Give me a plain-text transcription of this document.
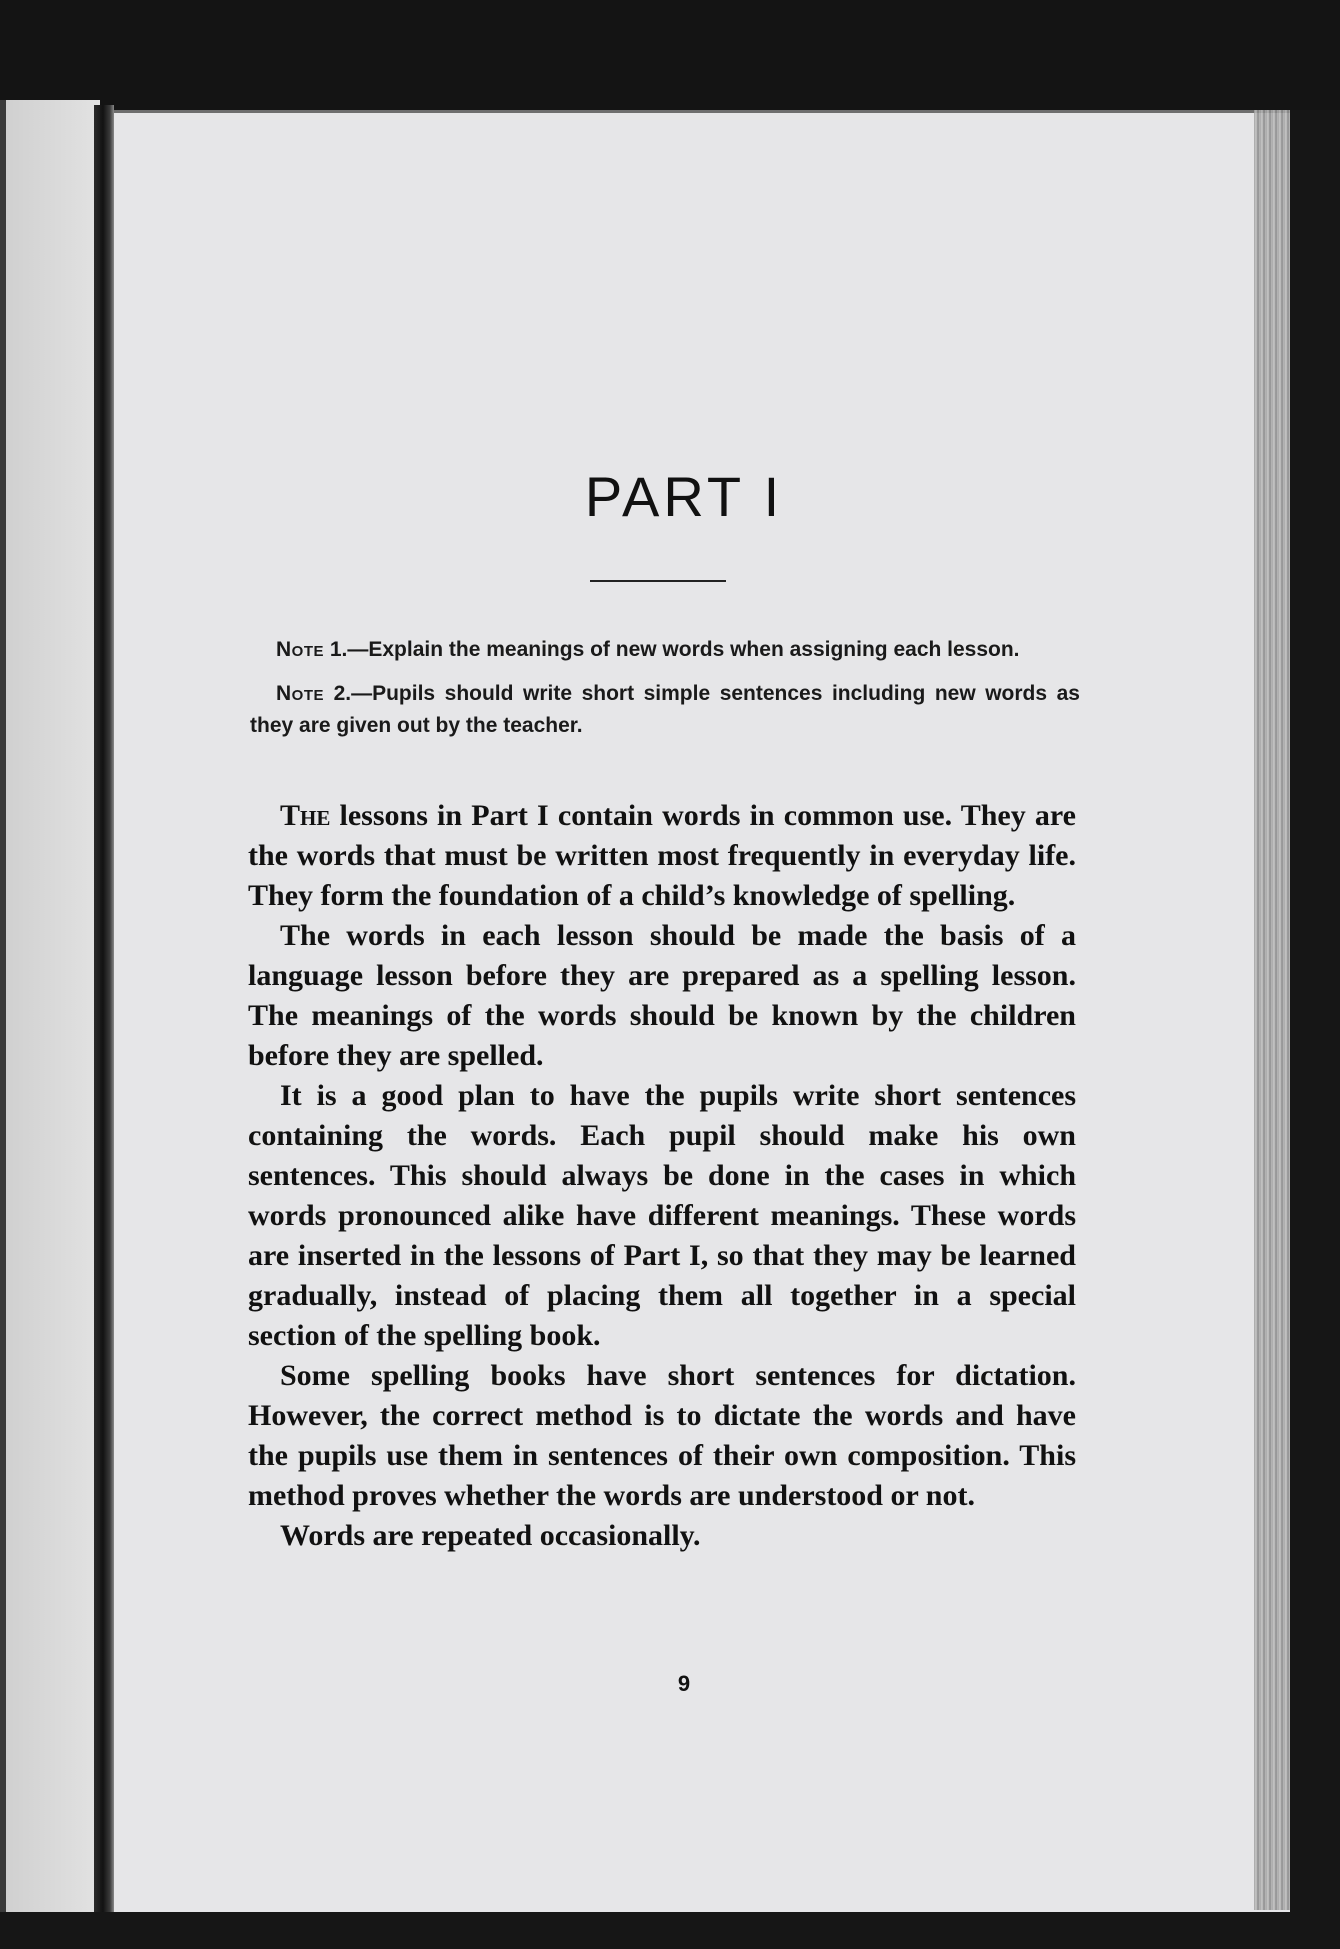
PART I

Note 1.—Explain the meanings of new words when assigning each lesson.

Note 2.—Pupils should write short simple sentences including new words as they are given out by the teacher.

The lessons in Part I contain words in common use. They are the words that must be written most frequently in everyday life. They form the foundation of a child’s knowledge of spelling.

The words in each lesson should be made the basis of a language lesson before they are prepared as a spelling lesson. The meanings of the words should be known by the children before they are spelled.

It is a good plan to have the pupils write short sentences containing the words. Each pupil should make his own sentences. This should always be done in the cases in which words pronounced alike have different meanings. These words are inserted in the lessons of Part I, so that they may be learned gradually, instead of placing them all together in a special section of the spelling book.

Some spelling books have short sentences for dictation. However, the correct method is to dictate the words and have the pupils use them in sentences of their own composition. This method proves whether the words are understood or not.

Words are repeated occasionally.

9
